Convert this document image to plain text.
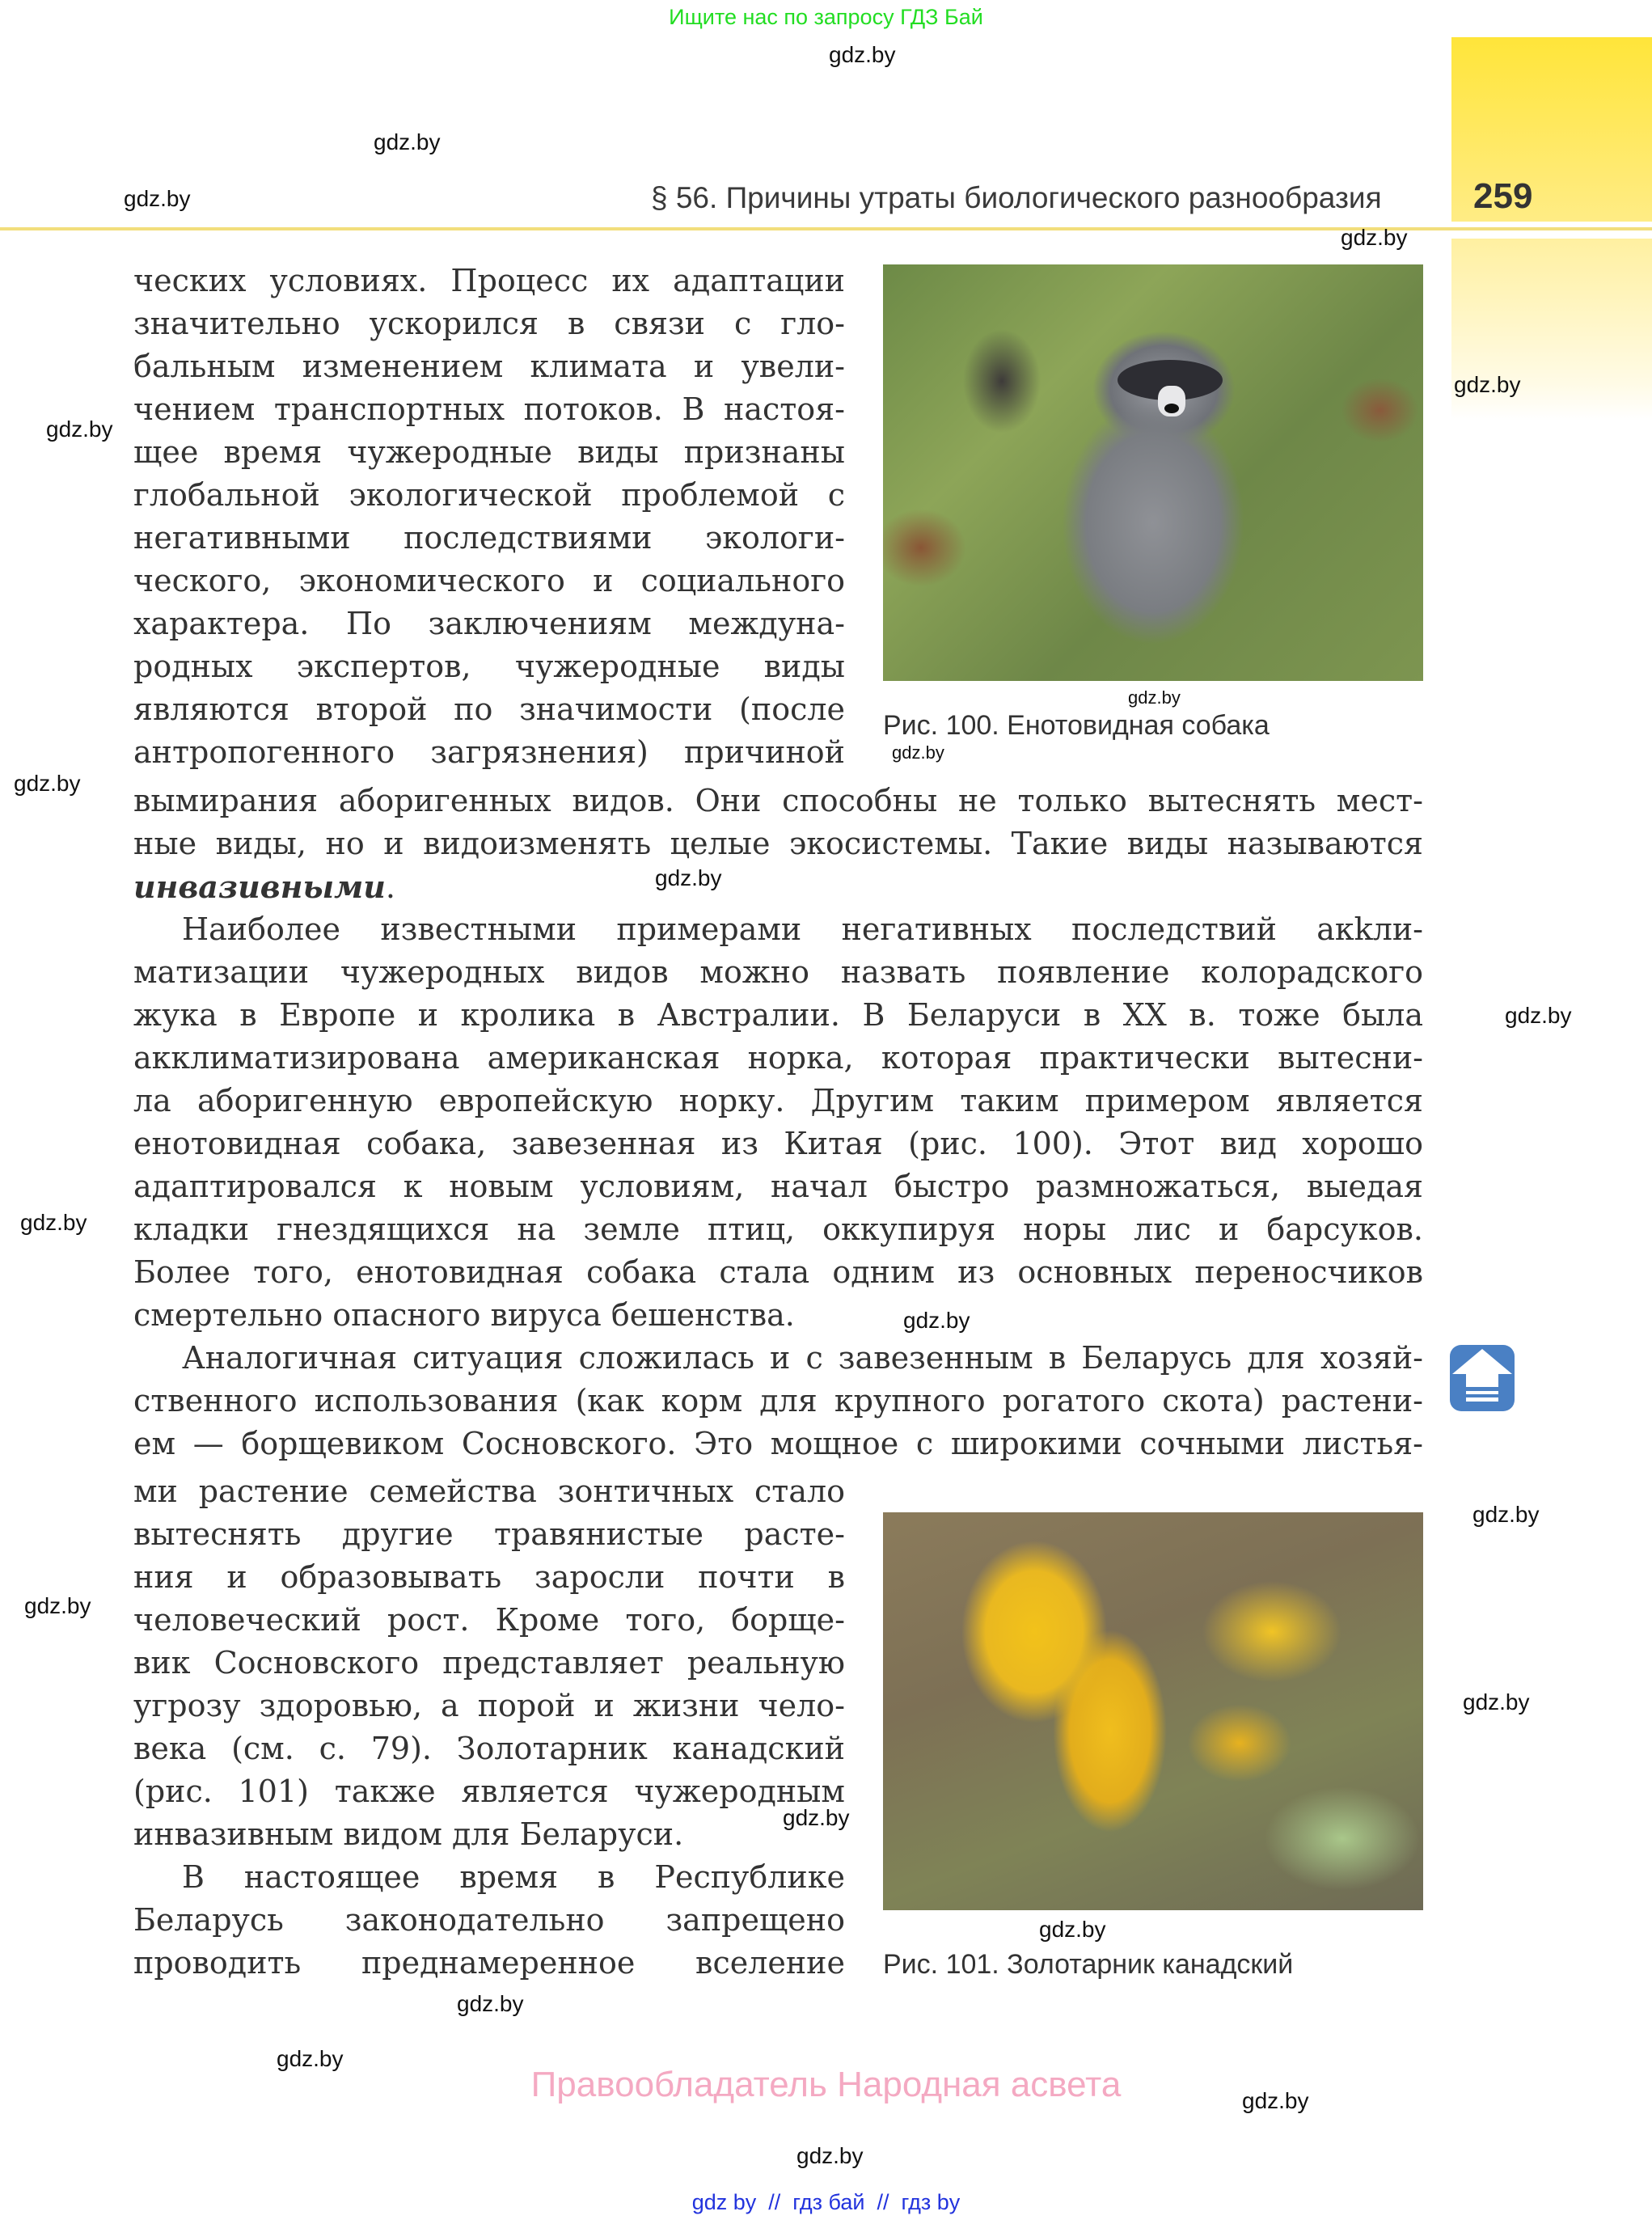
Ищите нас по запросу ГДЗ Бай
§ 56. Причины утраты биологического разнообразия	259
ческих условиях. Процесс их адаптации
значительно ускорился в связи с гло-
бальным изменением климата и увели-
чением транспортных потоков. В настоя-
щее время чужеродные виды признаны
глобальной экологической проблемой с
негативными последствиями экологи-
ческого, экономического и социального
характера. По заключениям междуна-
родных экспертов, чужеродные виды
являются второй по значимости (после
антропогенного загрязнения) причиной
вымирания аборигенных видов. Они способны не только вытеснять мест-
ные виды, но и видоизменять целые экосистемы. Такие виды называются
инвазивными.
Наиболее известными примерами негативных последствий акkли-
матизации чужеродных видов можно назвать появление колорадского
жука в Европе и кролика в Австралии. В Беларуси в XX в. тоже была
акклиматизирована американская норка, которая практически вытесни-
ла аборигенную европейскую норку. Другим таким примером является
енотовидная собака, завезенная из Китая (рис. 100). Этот вид хорошо
адаптировался к новым условиям, начал быстро размножаться, выедая
кладки гнездящихся на земле птиц, оккупируя норы лис и барсуков.
Более того, енотовидная собака стала одним из основных переносчиков
смертельно опасного вируса бешенства.
Аналогичная ситуация сложилась и с завезенным в Беларусь для хозяй-
ственного использования (как корм для крупного рогатого скота) растени-
ем — борщевиком Сосновского. Это мощное с широкими сочными листья-
ми растение семейства зонтичных стало
вытеснять другие травянистые расте-
ния и образовывать заросли почти в
человеческий рост. Кроме того, борще-
вик Сосновского представляет реальную
угрозу здоровью, а порой и жизни чело-
века (см. с. 79). Золотарник канадский
(рис. 101) также является чужеродным
инвазивным видом для Беларуси.
В настоящее время в Республике
Беларусь законодательно запрещено
проводить преднамеренное вселение
Рис. 100. Енотовидная собака
Рис. 101. Золотарник канадский
gdz.by
gdz.by
gdz.by
gdz.by
gdz.by
gdz.by
gdz.by
gdz.by
gdz.by
gdz.by
gdz.by
gdz.by
gdz.by
gdz.by
gdz.by
gdz.by
gdz.by
gdz.by
gdz.by
gdz.by
gdz.by
gdz.by
Правообладатель Народная асвета
gdz by  //  гдз бай  //  гдз by
